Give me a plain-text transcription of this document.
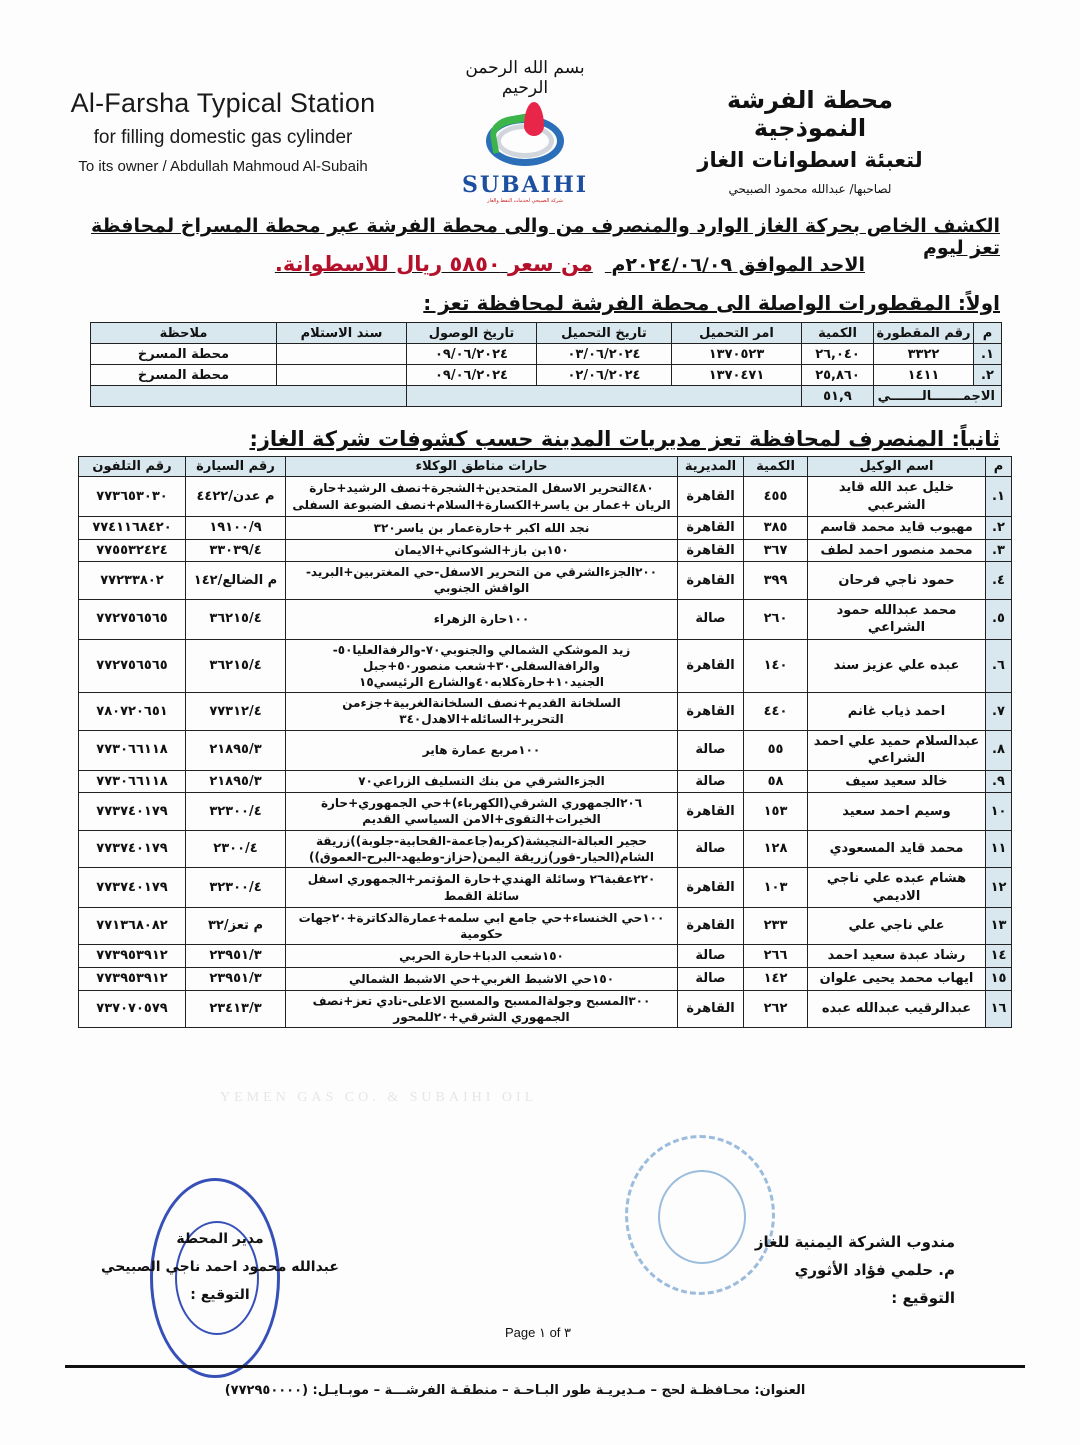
Al-Farsha Typical Station
for filling domestic gas cylinder
To its owner / Abdullah Mahmoud Al-Subaih
بسم الله الرحمن الرحيم
SUBAIHI
شركة الصبيحي لخدمات النفط والغاز
محطة الفرشة النموذجية
لتعبئة اسطوانات الغاز
لصاحبها/ عبدالله محمود الصبيحي
الكشف الخاص بحركة الغاز الوارد والمنصرف من والى محطة الفرشة عبر محطة المسراخ لمحافظة تعز ليوم
الاحد الموافق ٢٠٢٤/٠٦/٠٩م من سعر ٥٨٥٠ ريال للاسطوانة.
اولاً: المقطورات الواصلة الى محطة الفرشة لمحافظة تعز :
م	رقم المقطورة	الكمية	امر التحميل	تاريخ التحميل	تاريخ الوصول	سند الاستلام	ملاحظة
١.	٣٣٢٢	٢٦,٠٤٠	١٣٧٠٥٢٣	٠٣/٠٦/٢٠٢٤	٠٩/٠٦/٢٠٢٤		محطة المسرخ
٢.	١٤١١	٢٥,٨٦٠	١٣٧٠٤٧١	٠٢/٠٦/٢٠٢٤	٠٩/٠٦/٢٠٢٤		محطة المسرخ
الاجمـــــــالـــــــي		٥١,٩					
ثانياً: المنصرف لمحافظة تعز مديريات المدينة حسب كشوفات شركة الغاز:
م	اسم الوكيل	الكمية	المديرية	حارات مناطق الوكلاء	رقم السيارة	رقم التلفون
١.	خليل عبد الله قايد الشرعبي	٤٥٥	القاهرة	٤٨٠التحرير الاسفل المتحدين+الشجرة+نصف الرشيد+حارة الريان +عمار بن ياسر+الكسارة+السلام+نصف الضبوعة السفلى	م عدن/٤٤٢٢	٧٧٣٦٥٣٠٣٠
٢.	مهيوب قايد محمد قاسم	٣٨٥	القاهرة	نجد الله اكبر +حارةعمار بن ياسر٣٢٠	١٩١٠٠/٩	٧٧٤١١٦٨٤٢٠
٣.	محمد منصور احمد لطف	٣٦٧	القاهرة	١٥٠بن باز+الشوكاني+الايمان	٣٣٠٣٩/٤	٧٧٥٥٣٢٤٢٤
٤.	حمود ناجي فرحان	٣٩٩	القاهرة	٢٠٠الجزءالشرقي من التحرير الاسفل-حي المغتربين+البريد-الواقش الجنوبي	م الضالع/١٤٢	٧٧٢٣٣٨٠٢
٥.	محمد عبدالله حمود الشراعي	٢٦٠	صالة	١٠٠حارة الزهراء	٣٦٢١٥/٤	٧٧٢٧٥٦٥٦٥
٦.	عبده علي عزيز سند	١٤٠	القاهرة	زيد الموشكي الشمالي والجنوبي٧٠-والرفةالعليا٥٠-والرافةالسفلى٣٠+شعب منصور٥٠+جبل الجنيد١٠+حارةكلابه٤٠والشارع الرئيسي١٥	٣٦٢١٥/٤	٧٧٢٧٥٦٥٦٥
٧.	احمد ذياب غانم	٤٤٠	القاهرة	السلخانة القديم+نصف السلخانةالغربية+جزءمن التحرير+السائله+الاهدل٣٤٠	٧٧٣١٢/٤	٧٨٠٧٢٠٦٥١
٨.	عبدالسلام حميد علي احمد الشراعي	٥٥	صالة	١٠٠مربع عمارة هاير	٢١٨٩٥/٣	٧٧٣٠٦٦١١٨
٩.	خالد سعيد سيف	٥٨	صالة	الجزءالشرقي من بنك التسليف الزراعي٧٠	٢١٨٩٥/٣	٧٧٣٠٦٦١١٨
١٠	وسيم احمد سعيد	١٥٣	القاهرة	٢٠٦الجمهوري الشرقي(الكهرباء)+حي الجمهوري+حارة الخيرات+التقوى+الامن السياسي القديم	٣٢٣٠٠/٤	٧٧٣٧٤٠١٧٩
١١	محمد قايد المسعودي	١٢٨	صالة	حجير العبالة-النجيشة(كربه(جاعمة-القحابية-جلوبة))زريقة الشام(الحيار-قور)زريقة اليمن(حزاز-وطيهد-البرح-العموق))	٢٣٠٠/٤	٧٧٣٧٤٠١٧٩
١٢	هشام عبده علي ناجي الاديمي	١٠٣	القاهرة	٢٢٠عقبة٢٦ وسائلة الهندي+حارة المؤتمر+الجمهوري اسفل سائلة القمط	٣٢٣٠٠/٤	٧٧٣٧٤٠١٧٩
١٣	علي ناجي علي	٢٣٣	القاهرة	١٠٠حي الخنساء+حي جامع ابي سلمه+عمارةالدكاترة+٢٠جهات حكومية	م تعز/٣٢	٧٧١٣٦٨٠٨٢
١٤	رشاد عبدة سعيد احمد	٢٦٦	صالة	١٥٠شعب الدبا+حارة الحربي	٢٣٩٥١/٣	٧٧٣٩٥٣٩١٢
١٥	ايهاب محمد يحيى علوان	١٤٢	صالة	١٥٠حي الاشبط الغربي+حي الاشبط الشمالي	٢٣٩٥١/٣	٧٧٣٩٥٣٩١٢
١٦	عبدالرقيب عبدالله عبده	٢٦٢	القاهرة	٣٠٠المسبح وجولةالمسبح والمسبح الاعلى-نادي تعز+نصف الجمهوري الشرقي+٢٠للمحور	٢٣٤١٣/٣	٧٣٧٠٧٠٥٧٩
YEMEN GAS CO. & SUBAIHI OIL
مندوب الشركة اليمنية للغاز
م. حلمي فؤاد الأثوري
التوقيع :
مدير المحطة
عبدالله محمود احمد ناجي الصبيحي
التوقيع :
Page ١ of ٣
العنوان: محـافظـة لحج – مـديريـة طور البـاحـة – منطقـة الفرشـــة – موبـايـل: (٧٧٢٩٥٠٠٠٠)
